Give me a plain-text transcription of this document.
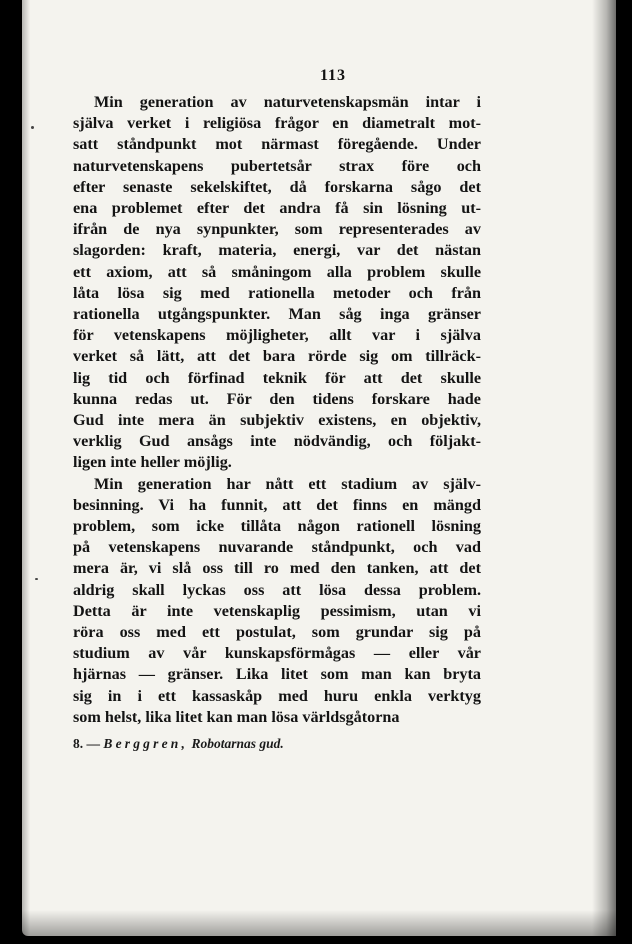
113
Min generation av naturvetenskapsmän intar i
själva verket i religiösa frågor en diametralt mot-
satt ståndpunkt mot närmast föregående. Under
naturvetenskapens pubertetsår strax före och
efter senaste sekelskiftet, då forskarna sågo det
ena problemet efter det andra få sin lösning ut-
ifrån de nya synpunkter, som representerades av
slagorden: kraft, materia, energi, var det nästan
ett axiom, att så småningom alla problem skulle
låta lösa sig med rationella metoder och från
rationella utgångspunkter. Man såg inga gränser
för vetenskapens möjligheter, allt var i själva
verket så lätt, att det bara rörde sig om tillräck-
lig tid och förfinad teknik för att det skulle
kunna redas ut. För den tidens forskare hade
Gud inte mera än subjektiv existens, en objektiv,
verklig Gud ansågs inte nödvändig, och följakt-
ligen inte heller möjlig.
Min generation har nått ett stadium av själv-
besinning. Vi ha funnit, att det finns en mängd
problem, som icke tillåta någon rationell lösning
på vetenskapens nuvarande ståndpunkt, och vad
mera är, vi slå oss till ro med den tanken, att det
aldrig skall lyckas oss att lösa dessa problem.
Detta är inte vetenskaplig pessimism, utan vi
röra oss med ett postulat, som grundar sig på
studium av vår kunskapsförmågas — eller vår
hjärnas — gränser. Lika litet som man kan bryta
sig in i ett kassaskåp med huru enkla verktyg
som helst, lika litet kan man lösa världsgåtorna
8. — Berggren, Robotarnas gud.
